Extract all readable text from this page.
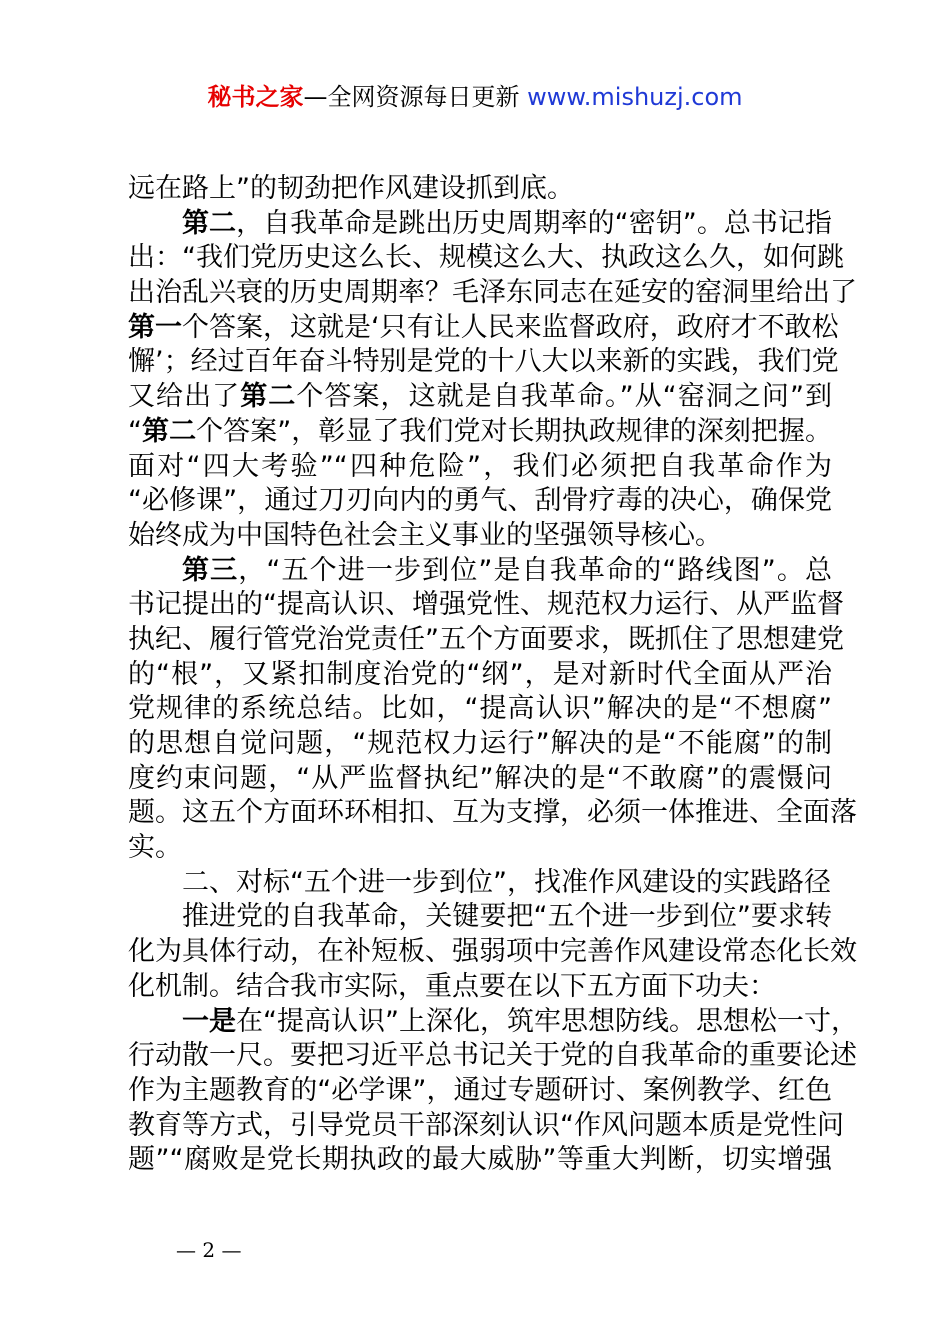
秘书之家—全网资源每日更新 www.mishuzj.com
远在路上”的韧劲把作风建设抓到底。
第二，自我革命是跳出历史周期率的“密钥”。总书记指
出：“我们党历史这么长、规模这么大、执政这么久，如何跳
出治乱兴衰的历史周期率？毛泽东同志在延安的窑洞里给出了
第一个答案，这就是‘只有让人民来监督政府，政府才不敢松
懈’；经过百年奋斗特别是党的十八大以来新的实践，我们党
又给出了第二个答案，这就是自我革命。”从“窑洞之问”到
“第二个答案”，彰显了我们党对长期执政规律的深刻把握。
面对“四大考验”“四种危险”，我们必须把自我革命作为
“必修课”，通过刀刃向内的勇气、刮骨疗毒的决心，确保党
始终成为中国特色社会主义事业的坚强领导核心。
第三，“五个进一步到位”是自我革命的“路线图”。总
书记提出的“提高认识、增强党性、规范权力运行、从严监督
执纪、履行管党治党责任”五个方面要求，既抓住了思想建党
的“根”，又紧扣制度治党的“纲”，是对新时代全面从严治
党规律的系统总结。比如，“提高认识”解决的是“不想腐”
的思想自觉问题，“规范权力运行”解决的是“不能腐”的制
度约束问题，“从严监督执纪”解决的是“不敢腐”的震慑问
题。这五个方面环环相扣、互为支撑，必须一体推进、全面落
实。
二、对标“五个进一步到位”，找准作风建设的实践路径
推进党的自我革命，关键要把“五个进一步到位”要求转
化为具体行动，在补短板、强弱项中完善作风建设常态化长效
化机制。结合我市实际，重点要在以下五方面下功夫：
一是在“提高认识”上深化，筑牢思想防线。思想松一寸，
行动散一尺。要把习近平总书记关于党的自我革命的重要论述
作为主题教育的“必学课”，通过专题研讨、案例教学、红色
教育等方式，引导党员干部深刻认识“作风问题本质是党性问
题”“腐败是党长期执政的最大威胁”等重大判断，切实增强
— 2 —
